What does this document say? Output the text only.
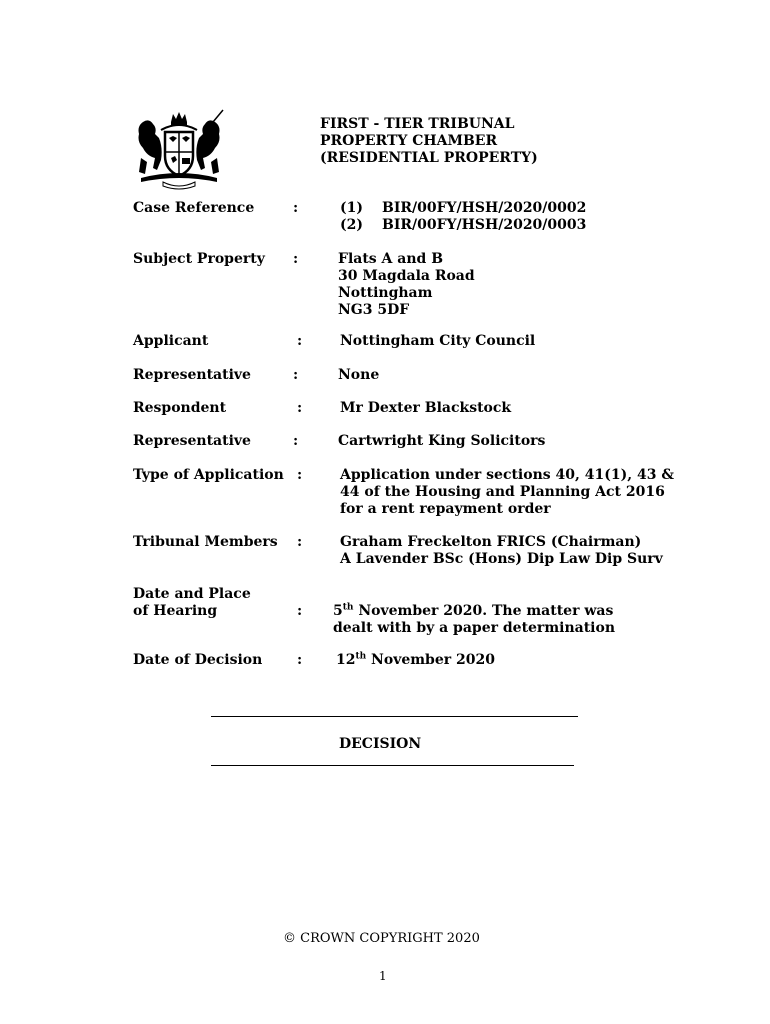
FIRST - TIER TRIBUNAL
PROPERTY CHAMBER
(RESIDENTIAL PROPERTY)
Case Reference	:	(1) BIR/00FY/HSH/2020/0002
(2) BIR/00FY/HSH/2020/0003
Subject Property :	Flats A and B
30 Magdala Road
Nottingham
NG3 5DF
Applicant	:	Nottingham City Council
Representative	:	None
Respondent	:	Mr Dexter Blackstock
Representative	:	Cartwright King Solicitors
Type of Application :	Application under sections 40, 41(1), 43 &
44 of the Housing and Planning Act 2016
for a rent repayment order
Tribunal Members :	Graham Freckelton FRICS (Chairman)
A Lavender BSc (Hons) Dip Law Dip Surv
Date and Place
of Hearing	:	5th November 2020. The matter was
dealt with by a paper determination
Date of Decision :	12th November 2020
DECISION
© CROWN COPYRIGHT 2020
1
